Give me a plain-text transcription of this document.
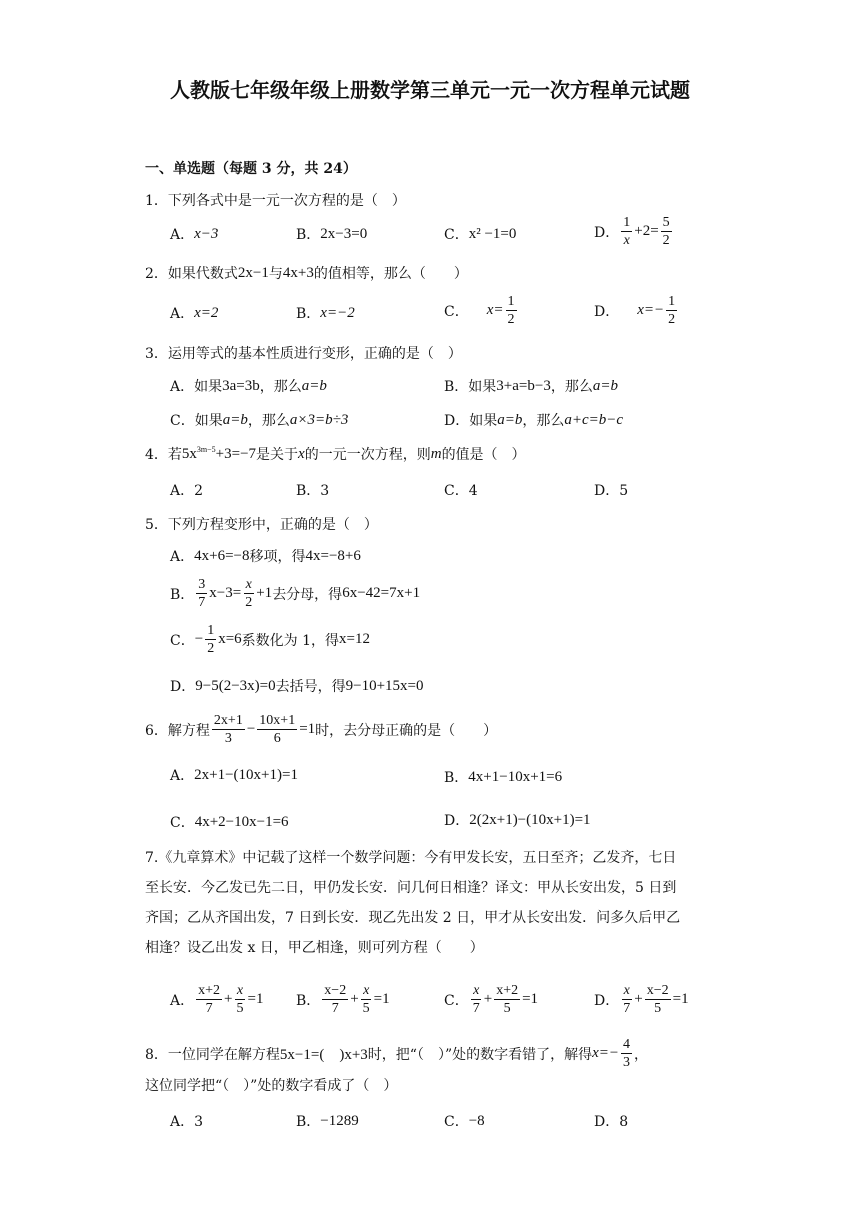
人教版七年级年级上册数学第三单元一元一次方程单元试题
一、单选题（每题 3 分，共 24）
1．下列各式中是一元一次方程的是（　）
A． x−3	B． 2x−3=0	C． x² −1=0	D． $\frac{1}{x} +2= \frac{5}{2}$
2．如果代数式 2x−1 与 4x+3 的值相等，那么（　　）
A． x=2	B． x=−2	C． $x= \frac{1}{2}$	D． $x=- \frac{1}{2}$
3．运用等式的基本性质进行变形，正确的是（　）
A．如果 3a=3b ，那么 a=b	B．如果 3+a=b−3 ，那么 a=b
C．如果 a=b ，那么 a×3=b÷3	D．如果 a=b ，那么 a+c=b−c
4．若 $5x^{3m-5}+3=-7$ 是关于 x 的一元一次方程，则 m 的值是（　）
A．2	B．3	C．4	D．5
5．下列方程变形中，正确的是（　）
A． 4x+6=−8 移项，得 4x=−8+6
B． $\frac{3}{7} x-3= \frac{x}{2} +1$ 去分母，得 6x−42=7x+1
C． − $\frac{1}{2} x=6$ 系数化为 1，得 x=12
D． 9−5(2−3x)=0 去括号，得 9−10+15x=0
6．解方程 $\frac{2x+1}{3} - \frac{10x+1}{6} =1$ 时，去分母正确的是（　　）
A． 2x+1−(10x+1)=1	B． 4x+1−10x+1=6
C． 4x+2−10x−1=6	D． 2(2x+1)−(10x+1)=1
7.《九章算术》中记载了这样一个数学问题：今有甲发长安，五日至齐；乙发齐，七日
至长安．今乙发已先二日，甲仍发长安．问几何日相逢？译文：甲从长安出发，5 日到
齐国；乙从齐国出发，7 日到长安．现乙先出发 2 日，甲才从长安出发．问多久后甲乙
相逢？设乙出发 x 日，甲乙相逢，则可列方程（　　）
A． $\frac{x+2}{7} + \frac{x}{5} =1$ B． $\frac{x-2}{7} + \frac{x}{5} =1$	C． $\frac{x}{7} + \frac{x+2}{5} =1$	D． $\frac{x}{7} + \frac{x-2}{5} =1$
8．一位同学在解方程 5x−1=(　)x+3 时，把“（　）”处的数字看错了，解得 $x=- \frac{4}{3}$ ，
这位同学把“（　）”处的数字看成了（　）
A．3	B． −1289	C． −8	D．8
